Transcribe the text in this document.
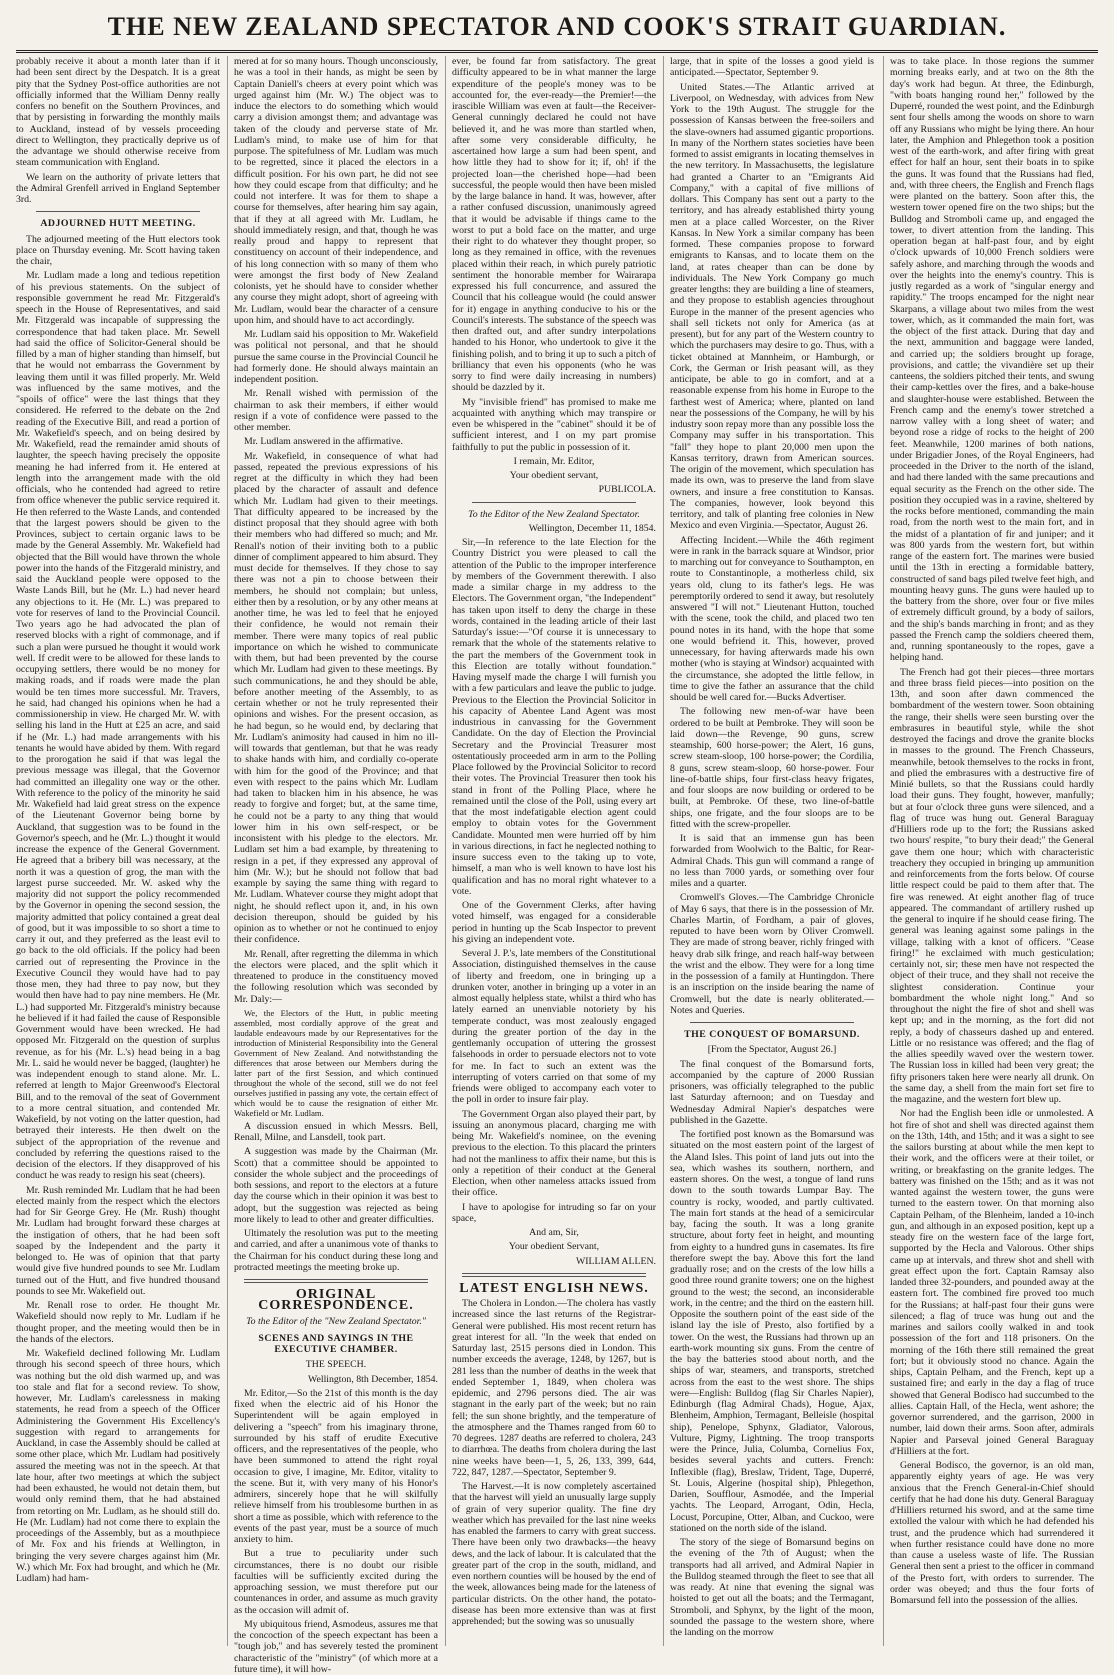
THE NEW ZEALAND SPECTATOR AND COOK'S STRAIT GUARDIAN.

probably receive it about a month later than if it had been sent direct by the Despatch. It is a great pity that the Sydney Post-office authorities are not officially informed that the William Denny really confers no benefit on the Southern Provinces, and that by persisting in forwarding the monthly mails to Auckland, instead of by vessels proceeding direct to Wellington, they practically deprive us of the advantage we should otherwise receive from steam communication with England.

We learn on the authority of private letters that the Admiral Grenfell arrived in England September 3rd.

ADJOURNED HUTT MEETING.

The adjourned meeting of the Hutt electors took place on Thursday evening. Mr. Scott having taken the chair,

Mr. Ludlam made a long and tedious repetition of his previous statements. On the subject of responsible government he read Mr. Fitzgerald's speech in the House of Representatives, and said Mr. Fitzgerald was incapable of suppressing the correspondence that had taken place. Mr. Sewell had said the office of Solicitor-General should be filled by a man of higher standing than himself, but that he would not embarrass the Government by leaving them until it was filled properly. Mr. Weld was influenced by the same motives, and the "spoils of office" were the last things that they considered. He referred to the debate on the 2nd reading of the Executive Bill, and read a portion of Mr. Wakefield's speech, and on being desired by Mr. Wakefield, read the remainder amid shouts of laughter, the speech having precisely the opposite meaning he had inferred from it. He entered at length into the arrangement made with the old officials, who he contended had agreed to retire from office whenever the public service required it. He then referred to the Waste Lands, and contended that the largest powers should be given to the Provinces, subject to certain organic laws to be made by the General Assembly. Mr. Wakefield had objected that the Bill would have thrown the whole power into the hands of the Fitzgerald ministry, and said the Auckland people were opposed to the Waste Lands Bill, but he (Mr. L.) had never heard any objections to it. He (Mr. L.) was prepared to vote for reserves of land to the Provincial Council. Two years ago he had advocated the plan of reserved blocks with a right of commonage, and if such a plan were pursued he thought it would work well. If credit were to be allowed for these lands to occupying settlers, there would be no money for making roads, and if roads were made the plan would be ten times more successful. Mr. Travers, he said, had changed his opinions when he had a commissionership in view. He charged Mr. W. with selling his land in the Hutt at £25 an acre, and said if he (Mr. L.) had made arrangements with his tenants he would have abided by them. With regard to the prorogation he said if that was legal the previous message was illegal, that the Governor had committed an illegality one way or the other. With reference to the policy of the minority he said Mr. Wakefield had laid great stress on the expence of the Lieutenant Governor being borne by Auckland, that suggestion was to be found in the Governor's speech, and he (Mr. L.) thought it would increase the expence of the General Government. He agreed that a bribery bill was necessary, at the north it was a question of grog, the man with the largest purse succeeded. Mr. W. asked why the majority did not support the policy recommended by the Governor in opening the second session, the majority admitted that policy contained a great deal of good, but it was impossible to so short a time to carry it out, and they preferred as the least evil to go back to the old officials. If the policy had been carried out of representing the Province in the Executive Council they would have had to pay those men, they had three to pay now, but they would then have had to pay nine members. He (Mr. L.) had supported Mr. Fitzgerald's ministry because he believed if it had failed the cause of Responsible Government would have been wrecked. He had opposed Mr. Fitzgerald on the question of surplus revenue, as for his (Mr. L.'s) head being in a bag Mr. L. said he would never be bagged, (laughter) he was independent enough to stand alone. Mr. L. referred at length to Major Greenwood's Electoral Bill, and to the removal of the seat of Government to a more central situation, and contended Mr. Wakefield, by not voting on the latter question, had betrayed their interests. He then dwelt on the subject of the appropriation of the revenue and concluded by referring the questions raised to the decision of the electors. If they disapproved of his conduct he was ready to resign his seat (cheers).

Mr. Rush reminded Mr. Ludlam that he had been elected mainly from the respect which the electors had for Sir George Grey. He (Mr. Rush) thought Mr. Ludlam had brought forward these charges at the instigation of others, that he had been soft soaped by the Independent and the party it belonged to. He was of opinion that that party would give five hundred pounds to see Mr. Ludlam turned out of the Hutt, and five hundred thousand pounds to see Mr. Wakefield out.

Mr. Renall rose to order. He thought Mr. Wakefield should now reply to Mr. Ludlam if he thought proper, and the meeting would then be in the hands of the electors.

Mr. Wakefield declined following Mr. Ludlam through his second speech of three hours, which was nothing but the old dish warmed up, and was too stale and flat for a second review. To show, however, Mr. Ludlam's carelessness in making statements, he read from a speech of the Officer Administering the Government His Excellency's suggestion with regard to arrangements for Auckland, in case the Assembly should be called at some other place, which Mr. Ludlam had positively assured the meeting was not in the speech. At that late hour, after two meetings at which the subject had been exhausted, he would not detain them, but would only remind them, that he had abstained from retorting on Mr. Ludlam, as he should still do. He (Mr. Ludlam) had not come there to explain the proceedings of the Assembly, but as a mouthpiece of Mr. Fox and his friends at Wellington, in bringing the very severe charges against him (Mr. W.) which Mr. Fox had brought, and which he (Mr. Ludlam) had ham-

mered at for so many hours. Though unconsciously, he was a tool in their hands, as might be seen by Captain Daniell's cheers at every point which was urged against him (Mr. W.) The object was to induce the electors to do something which would carry a division amongst them; and advantage was taken of the cloudy and perverse state of Mr. Ludlam's mind, to make use of him for that purpose. The spitefulness of Mr. Ludlam was much to be regretted, since it placed the electors in a difficult position. For his own part, he did not see how they could escape from that difficulty; and he could not interfere. It was for them to shape a course for themselves, after hearing him say again, that if they at all agreed with Mr. Ludlam, he should immediately resign, and that, though he was really proud and happy to represent that constituency on account of their independence, and of his long connection with so many of them who were amongst the first body of New Zealand colonists, yet he should have to consider whether any course they might adopt, short of agreeing with Mr. Ludlam, would bear the character of a censure upon him, and should have to act accordingly.

Mr. Ludlam said his opposition to Mr. Wakefield was political not personal, and that he should pursue the same course in the Provincial Council he had formerly done. He should always maintain an independent position.

Mr. Renall wished with permission of the chairman to ask their members, if either would resign if a vote of confidence were passed to the other member.

Mr. Ludlam answered in the affirmative.

Mr. Wakefield, in consequence of what had passed, repeated the previous expressions of his regret at the difficulty in which they had been placed by the character of assault and defence which Mr. Ludlam had given to their meetings. That difficulty appeared to be increased by the distinct proposal that they should agree with both their members who had differed so much; and Mr. Renall's notion of their inviting both to a public dinner of compliment appeared to him absurd. They must decide for themselves. If they chose to say there was not a pin to choose between their members, he should not complain; but unless, either then by a resolution, or by any other means at another time, he was led to feel that he enjoyed their confidence, he would not remain their member. There were many topics of real public importance on which he wished to communicate with them, but had been prevented by the course which Mr. Ludlam had given to these meetings. By such communications, he and they should be able, before another meeting of the Assembly, to as certain whether or not he truly represented their opinions and wishes. For the present occasion, as he had begun, so he would end, by declaring that Mr. Ludlam's animosity had caused in him no ill-will towards that gentleman, but that he was ready to shake hands with him, and cordially co-operate with him for the good of the Province; and that even with respect to the pains which Mr. Ludlam had taken to blacken him in his absence, he was ready to forgive and forget; but, at the same time, he could not be a party to any thing that would lower him in his own self-respect, or be inconsistent with his pledge to the electors. Mr. Ludlam set him a bad example, by threatening to resign in a pet, if they expressed any approval of him (Mr. W.); but he should not follow that bad example by saying the same thing with regard to Mr. Ludlam. Whatever course they might adopt that night, he should reflect upon it, and, in his own decision thereupon, should be guided by his opinion as to whether or not he continued to enjoy their confidence.

Mr. Renall, after regretting the dilemma in which the electors were placed, and the split which it threatened to produce in the constituency moved the following resolution which was seconded by Mr. Daly:—

We, the Electors of the Hutt, in public meeting assembled, most cordially approve of the great and laudable endeavours made by our Representatives for the introduction of Ministerial Responsibility into the General Government of New Zealand. And notwithstanding the differences that arose between our Members during the latter part of the first Session, and which continued throughout the whole of the second, still we do not feel ourselves justified in passing any vote, the certain effect of which would be to cause the resignation of either Mr. Wakefield or Mr. Ludlam.

A discussion ensued in which Messrs. Bell, Renall, Milne, and Lansdell, took part.

A suggestion was made by the Chairman (Mr. Scott) that a committee should be appointed to consider the whole subject and the proceedings of both sessions, and report to the electors at a future day the course which in their opinion it was best to adopt, but the suggestion was rejected as being more likely to lead to other and greater difficulties.

Ultimately the resolution was put to the meeting and carried, and after a unanimous vote of thanks to the Chairman for his conduct during these long and protracted meetings the meeting broke up.

ORIGINAL CORRESPONDENCE.

To the Editor of the "New Zealand Spectator."

SCENES AND SAYINGS IN THE EXECUTIVE CHAMBER.

THE SPEECH.

Wellington, 8th December, 1854.

Mr. Editor,—So the 21st of this month is the day fixed when the electric aid of his Honor the Superintendent will be again employed in delivering a "speech" from his imaginary throne, surrounded by his staff of erudite Executive officers, and the representatives of the people, who have been summoned to attend the right royal occasion to give, I imagine, Mr. Editor, vitality to the scene. But it, with very many of his Honor's admirers, sincerely hope that he will skilfully relieve himself from his troublesome burthen in as short a time as possible, which with reference to the events of the past year, must be a source of much anxiety to him.

But a true to peculiarity under such circumstances, there is no doubt our risible faculties will be sufficiently excited during the approaching session, we must therefore put our countenances in order, and assume as much gravity as the occasion will admit of.

My ubiquitous friend, Asmodeus, assures me that the concoction of the speech expectant has been a "tough job," and has severely tested the prominent characteristic of the "ministry" (of which more at a future time), it will how-

ever, be found far from satisfactory. The great difficulty appeared to be in what manner the large expenditure of the people's money was to be accounted for, the ever-ready—the Premier!—the irascible William was even at fault—the Receiver-General cunningly declared he could not have believed it, and he was more than startled when, after some very considerable difficulty, he ascertained how large a sum had been spent, and how little they had to show for it; if, oh! if the projected loan—the cherished hope—had been successful, the people would then have been misled by the large balance in hand. It was, however, after a rather confused discussion, unanimously agreed that it would be advisable if things came to the worst to put a bold face on the matter, and urge their right to do whatever they thought proper, so long as they remained in office, with the revenues placed within their reach, in which purely patriotic sentiment the honorable member for Wairarapa expressed his full concurrence, and assured the Council that his colleague would (he could answer for it) engage in anything conducive to his or the Council's interests. The substance of the speech was then drafted out, and after sundry interpolations handed to his Honor, who undertook to give it the finishing polish, and to bring it up to such a pitch of brilliancy that even his opponents (who he was sorry to find were daily increasing in numbers) should be dazzled by it.

My "invisible friend" has promised to make me acquainted with anything which may transpire or even be whispered in the "cabinet" should it be of sufficient interest, and I on my part promise faithfully to put the public in possession of it.

I remain, Mr. Editor,

Your obedient servant,

PUBLICOLA.

To the Editor of the New Zealand Spectator.

Wellington, December 11, 1854.

Sir,—In reference to the late Election for the Country District you were pleased to call the attention of the Public to the improper interference by members of the Government therewith. I also made a similar charge in my address to the Electors. The Government organ, "the Independent" has taken upon itself to deny the charge in these words, contained in the leading article of their last Saturday's issue:—"Of course it is unnecessary to remark that the whole of the statements relative to the part the members of the Government took in this Election are totally without foundation." Having myself made the charge I will furnish you with a few particulars and leave the public to judge. Previous to the Election the Provincial Solicitor in his capacity of Abentee Land Agent was most industrious in canvassing for the Government Candidate. On the day of Election the Provincial Secretary and the Provincial Treasurer most ostentatiously proceeded arm in arm to the Polling Place followed by the Provincial Solicitor to record their votes. The Provincial Treasurer then took his stand in front of the Polling Place, where he remained until the close of the Poll, using every art that the most indefatigable election agent could employ to obtain votes for the Government Candidate. Mounted men were hurried off by him in various directions, in fact he neglected nothing to insure success even to the taking up to vote, himself, a man who is well known to have lost his qualification and has no moral right whatever to a vote.

One of the Government Clerks, after having voted himself, was engaged for a considerable period in hunting up the Scab Inspector to prevent his giving an independent vote.

Several J. P.'s, late members of the Constitutional Association, distinguished themselves in the cause of liberty and freedom, one in bringing up a drunken voter, another in bringing up a voter in an almost equally helpless state, whilst a third who has lately earned an unenviable notoriety by his temperate conduct, was most zealously engaged during the greater portion of the day in the gentlemanly occupation of uttering the grossest falsehoods in order to persuade electors not to vote for me. In fact to such an extent was the interrupting of voters carried on that some of my friends were obliged to accompany each voter to the poll in order to insure fair play.

The Government Organ also played their part, by issuing an anonymous placard, charging me with being Mr. Wakefield's nominee, on the evening previous to the election. To this placard the printers had not the manliness to affix their name, but this is only a repetition of their conduct at the General Election, when other nameless attacks issued from their office.

I have to apologise for intruding so far on your space,

And am, Sir,

Your obedient Servant,

WILLIAM ALLEN.

LATEST ENGLISH NEWS.

The Cholera in London.—The cholera has vastly increased since the last returns of the Registrar-General were published. His most recent return has great interest for all. "In the week that ended on Saturday last, 2515 persons died in London. This number exceeds the average, 1248, by 1267, but is 281 less than the number of deaths in the week that ended September 1, 1849, when cholera was epidemic, and 2796 persons died. The air was stagnant in the early part of the week; but no rain fell; the sun shone brightly, and the temperature of the atmosphere and the Thames ranged from 60 to 70 degrees. 1287 deaths are referred to cholera, 243 to diarrhœa. The deaths from cholera during the last nine weeks have been—1, 5, 26, 133, 399, 644, 722, 847, 1287.—Spectator, September 9.

The Harvest.—It is now completely ascertained that the harvest will yield an unusually large supply of grain of very superior quality. The fine dry weather which has prevailed for the last nine weeks has enabled the farmers to carry with great success. There have been only two drawbacks—the heavy dews, and the lack of labour. It is calculated that the greater part of the crop in the south, midland, and even northern counties will be housed by the end of the week, allowances being made for the lateness of particular districts. On the other hand, the potato-disease has been more extensive than was at first apprehended; but the sowing was so unusually

large, that in spite of the losses a good yield is anticipated.—Spectator, September 9.

United States.—The Atlantic arrived at Liverpool, on Wednesday, with advices from New York to the 19th August. The struggle for the possession of Kansas between the free-soilers and the slave-owners had assumed gigantic proportions. In many of the Northern states societies have been formed to assist emigrants in locating themselves in the new territory. In Massachusetts, the legislature had granted a Charter to an "Emigrants Aid Company," with a capital of five millions of dollars. This Company has sent out a party to the territory, and has already established thirty young men at a place called Worcester, on the River Kansas. In New York a similar company has been formed. These companies propose to forward emigrants to Kansas, and to locate them on the land, at rates cheaper than can be done by individuals. The New York Company go much greater lengths: they are building a line of steamers, and they propose to establish agencies throughout Europe in the manner of the present agencies who shall sell tickets not only for America (as at present), but for any part of the Western country to which the purchasers may desire to go. Thus, with a ticket obtained at Mannheim, or Hamburgh, or Cork, the German or Irish peasant will, as they anticipate, be able to go in comfort, and at a reasonable expense from his home in Europe to the farthest west of America; where, planted on land near the possessions of the Company, he will by his industry soon repay more than any possible loss the Company may suffer in his transportation. This "fall" they hope to plant 20,000 men upon the Kansas territory, drawn from American sources. The origin of the movement, which speculation has made its own, was to preserve the land from slave owners, and insure a free constitution to Kansas. The companies, however, look beyond this territory, and talk of planting free colonies in New Mexico and even Virginia.—Spectator, August 26.

Affecting Incident.—While the 46th regiment were in rank in the barrack square at Windsor, prior to marching out for conveyance to Southampton, en route to Constantinople, a motherless child, six years old, clung to its father's legs. He was peremptorily ordered to send it away, but resolutely answered "I will not." Lieutenant Hutton, touched with the scene, took the child, and placed two ten pound notes in its hand, with the hope that some one would befriend it. This, however, proved unnecessary, for having afterwards made his own mother (who is staying at Windsor) acquainted with the circumstance, she adopted the little fellow, in time to give the father an assurance that the child should be well cared for.—Bucks Advertiser.

The following new men-of-war have been ordered to be built at Pembroke. They will soon be laid down—the Revenge, 90 guns, screw steamship, 600 horse-power; the Alert, 16 guns, screw steam-sloop, 100 horse-power; the Cordilia, 8 guns, screw steam-sloop, 60 horse-power. Four line-of-battle ships, four first-class heavy frigates, and four sloops are now building or ordered to be built, at Pembroke. Of these, two line-of-battle ships, one frigate, and the four sloops are to be fitted with the screw-propeller.

It is said that an immense gun has been forwarded from Woolwich to the Baltic, for Rear-Admiral Chads. This gun will command a range of no less than 7000 yards, or something over four miles and a quarter.

Cromwell's Gloves.—The Cambridge Chronicle of May 6 says, that there is in the possession of Mr. Charles Martin, of Fordham, a pair of gloves, reputed to have been worn by Oliver Cromwell. They are made of strong beaver, richly fringed with heavy drab silk fringe, and reach half-way between the wrist and the elbow. They were for a long time in the possession of a family at Huntingdon. There is an inscription on the inside bearing the name of Cromwell, but the date is nearly obliterated.—Notes and Queries.

THE CONQUEST OF BOMARSUND.

[From the Spectator, August 26.]

The final conquest of the Bomarsund forts, accompanied by the capture of 2000 Russian prisoners, was officially telegraphed to the public last Saturday afternoon; and on Tuesday and Wednesday Admiral Napier's despatches were published in the Gazette.

The fortified post known as the Bomarsund was situated on the most eastern point of the largest of the Aland Isles. This point of land juts out into the sea, which washes its southern, northern, and eastern shores. On the west, a tongue of land runs down to the south towards Lumpar Bay. The country is rocky, wooded, and partly cultivated. The main fort stands at the head of a semicircular bay, facing the south. It was a long granite structure, about forty feet in height, and mounting from eighty to a hundred guns in casemates. Its fire therefore swept the bay. Above this fort the land gradually rose; and on the crests of the low hills a good three round granite towers; one on the highest ground to the west; the second, an inconsiderable work, in the centre; and the third on the eastern hill. Opposite the southern point of the east side of the island lay the isle of Presto, also fortified by a tower. On the west, the Russians had thrown up an earth-work mounting six guns. From the centre of the bay the batteries stood about north, and the ships of war, steamers, and transports, stretched across from the east to the west shore. The ships were—English: Bulldog (flag Sir Charles Napier), Edinburgh (flag Admiral Chads), Hogue, Ajax, Blenheim, Amphion, Termagant, Belleisle (hospital ship), Penelope, Sphynx, Gladiator, Valorous, Vulture, Pigmy, Lightning. The troop transports were the Prince, Julia, Columba, Cornelius Fox, besides several yachts and cutters. French: Inflexible (flag), Breslaw, Trident, Tage, Duperré, St. Louis, Algerine (hospital ship), Phlegethon, Darien, Soufflour, Asmodée, and the Imperial yachts. The Leopard, Arrogant, Odin, Hecla, Locust, Porcupine, Otter, Alban, and Cuckoo, were stationed on the north side of the island.

The story of the siege of Bomarsund begins on the evening of the 7th of August; when the transports had all arrived, and Admiral Napier in the Bulldog steamed through the fleet to see that all was ready. At nine that evening the signal was hoisted to get out all the boats; and the Termagant, Stromboli, and Sphynx, by the light of the moon, sounded the passage to the western shore, where the landing on the morrow

was to take place. In those regions the summer morning breaks early, and at two on the 8th the day's work had begun. At three, the Edinburgh, "with boats hanging round her," followed by the Duperré, rounded the west point, and the Edinburgh sent four shells among the woods on shore to warn off any Russians who might be lying there. An hour later, the Amphion and Phlegethon took a position west of the earth-work, and after firing with great effect for half an hour, sent their boats in to spike the guns. It was found that the Russians had fled, and, with three cheers, the English and French flags were planted on the battery. Soon after this, the western tower opened fire on the two ships; but the Bulldog and Stromboli came up, and engaged the tower, to divert attention from the landing. This operation began at half-past four, and by eight o'clock upwards of 10,000 French soldiers were safely ashore, and marching through the woods and over the heights into the enemy's country. This is justly regarded as a work of "singular energy and rapidity." The troops encamped for the night near Skarpans, a village about two miles from the west tower, which, as it commanded the main fort, was the object of the first attack. During that day and the next, ammunition and baggage were landed, and carried up; the soldiers brought up forage, provisions, and cattle; the vivandière set up their canteens, the soldiers pitched their tents, and swung their camp-kettles over the fires, and a bake-house and slaughter-house were established. Between the French camp and the enemy's tower stretched a narrow valley with a long sheet of water; and beyond rose a ridge of rocks to the height of 200 feet. Meanwhile, 1200 marines of both nations, under Brigadier Jones, of the Royal Engineers, had proceeded in the Driver to the north of the island, and had there landed with the same precautions and equal security as the French on the other side. The position they occupied was in a ravine, sheltered by the rocks before mentioned, commanding the main road, from the north west to the main fort, and in the midst of a plantation of fir and juniper; and it was 800 yards from the western fort, but within range of the eastern fort. The marines were busied until the 13th in erecting a formidable battery, constructed of sand bags piled twelve feet high, and mounting heavy guns. The guns were hauled up to the battery from the shore, over four or five miles of extremely difficult ground, by a body of sailors, and the ship's bands marching in front; and as they passed the French camp the soldiers cheered them, and, running spontaneously to the ropes, gave a helping hand.

The French had got their pieces—three mortars and three brass field pieces—into position on the 13th, and soon after dawn commenced the bombardment of the western tower. Soon obtaining the range, their shells were seen bursting over the embrasures in beautiful style, while the shot destroyed the facings and drove the granite blocks in masses to the ground. The French Chasseurs, meanwhile, betook themselves to the rocks in front, and plied the embrasures with a destructive fire of Minié bullets, so that the Russians could hardly load their guns. They fought, however, manfully; but at four o'clock three guns were silenced, and a flag of truce was hung out. General Baraguay d'Hilliers rode up to the fort; the Russians asked two hours' respite, "to bury their dead;" the General gave them one hour; which with characteristic treachery they occupied in bringing up ammunition and reinforcements from the forts below. Of course little respect could be paid to them after that. The fire was renewed. At eight another flag of truce appeared. The commandant of artillery rushed up the general to inquire if he should cease firing. The general was leaning against some palings in the village, talking with a knot of officers. "Cease firing!" he exclaimed with much gesticulation; certainly not, sir; these men have not respected the object of their truce, and they shall not receive the slightest consideration. Continue your bombardment the whole night long." And so throughout the night the fire of shot and shell was kept up; and in the morning, as the fort did not reply, a body of chasseurs dashed up and entered. Little or no resistance was offered; and the flag of the allies speedily waved over the western tower. The Russian loss in killed had been very great; the fifty prisoners taken here were nearly all drunk. On the same day, a shell from the main fort set fire to the magazine, and the western fort blew up.

Nor had the English been idle or unmolested. A hot fire of shot and shell was directed against them on the 13th, 14th, and 15th; and it was a sight to see the sailors bursting at about while the men kept to their work, and the officers were at their toilet, or writing, or breakfasting on the granite ledges. The battery was finished on the 15th; and as it was not wanted against the western tower, the guns were turned to the eastern tower. On that morning also Captain Pelham, of the Blenheim, landed a 10-inch gun, and although in an exposed position, kept up a steady fire on the western face of the large fort, supported by the Hecla and Valorous. Other ships came up at intervals, and threw shot and shell with great effect upon the fort. Captain Ramsay also landed three 32-pounders, and pounded away at the eastern fort. The combined fire proved too much for the Russians; at half-past four their guns were silenced; a flag of truce was hung out and the marines and sailors coolly walked in and took possession of the fort and 118 prisoners. On the morning of the 16th there still remained the great fort; but it obviously stood no chance. Again the ships, Captain Pelham, and the French, kept up a sustained fire; and early in the day a flag of truce showed that General Bodisco had succumbed to the allies. Captain Hall, of the Hecla, went ashore; the governor surrendered, and the garrison, 2000 in number, laid down their arms. Soon after, admirals Napier and Parseval joined General Baraguay d'Hilliers at the fort.

General Bodisco, the governor, is an old man, apparently eighty years of age. He was very anxious that the French General-in-Chief should certify that he had done his duty. General Baraguay d'Hilliers returned his sword, and at the same time extolled the valour with which he had defended his trust, and the prudence which had surrendered it when further resistance could have done no more than cause a useless waste of life. The Russian General then sent a priest to the officer in command of the Presto fort, with orders to surrender. The order was obeyed; and thus the four forts of Bomarsund fell into the possession of the allies.
